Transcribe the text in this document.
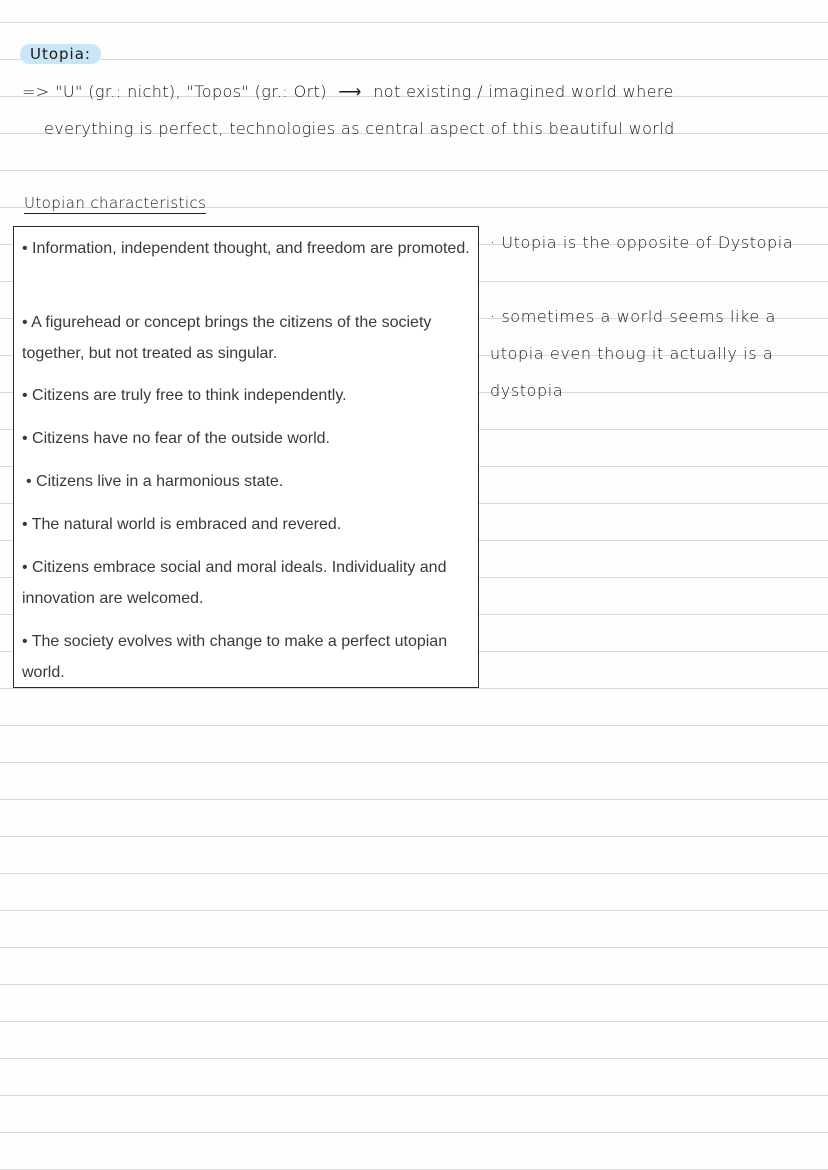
Utopia:
=> "U" (gr.: nicht), "Topos" (gr.: Ort) ⟶ not existing / imagined world where
everything is perfect, technologies as central aspect of this beautiful world
Utopian characteristics
• Information, independent thought, and freedom are promoted.
• A figurehead or concept brings the citizens of the society together, but not treated as singular.
• Citizens are truly free to think independently.
• Citizens have no fear of the outside world.
• Citizens live in a harmonious state.
• The natural world is embraced and revered.
• Citizens embrace social and moral ideals. Individuality and innovation are welcomed.
• The society evolves with change to make a perfect utopian world.
· Utopia is the opposite of Dystopia
· sometimes a world seems like a utopia even thoug it actually is a dystopia
